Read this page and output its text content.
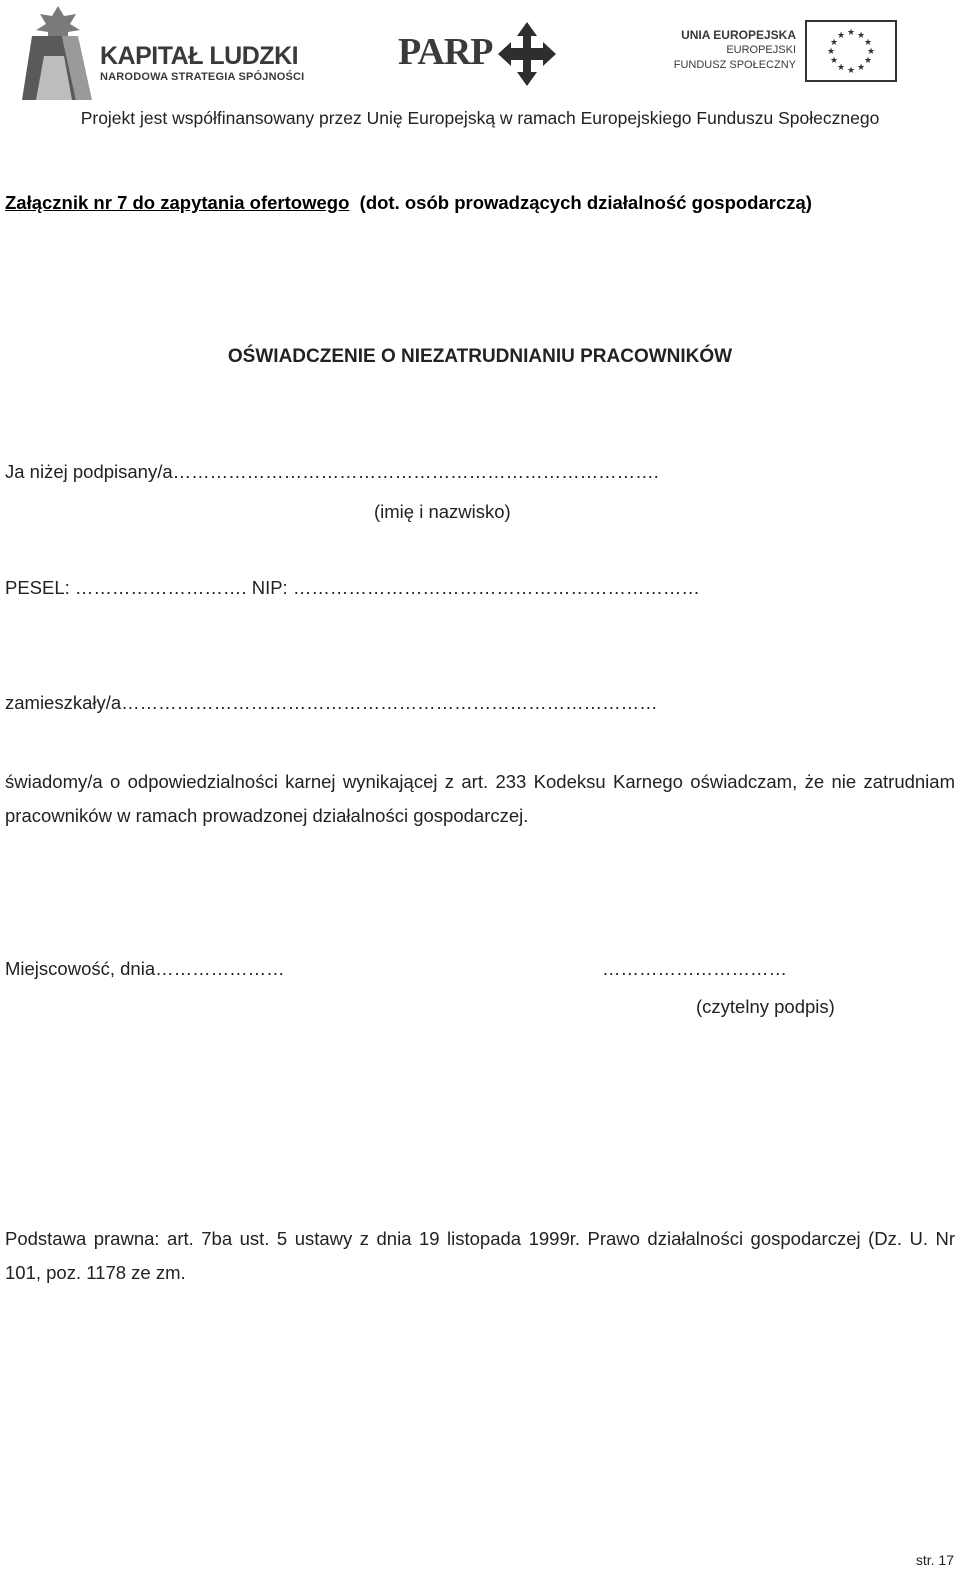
KAPITAŁ LUDZKI
NARODOWA STRATEGIA SPÓJNOŚCI
PARP	UNIA EUROPEJSKA
EUROPEJSKI
FUNDUSZ SPOŁECZNY
★ ★
★
★
★
★
★
★
★
★
★
★
Projekt jest współfinansowany przez Unię Europejską w ramach Europejskiego Funduszu Społecznego
Załącznik nr 7 do zapytania ofertowego (dot. osób prowadzących działalność gospodarczą)
OŚWIADCZENIE O NIEZATRUDNIANIU PRACOWNIKÓW
Ja niżej podpisany/a…………………………………………………………………….
(imię i nazwisko)
PESEL: ………………………. NIP: …………………………………………………………
zamieszkały/a……………………………………………………………………………
świadomy/a o odpowiedzialności karnej wynikającej z art. 233 Kodeksu Karnego oświadczam, że nie zatrudniam pracowników w ramach prowadzonej działalności gospodarczej.
Miejscowość, dnia…………………	…………………………
(czytelny podpis)
Podstawa prawna: art. 7ba ust. 5 ustawy z dnia 19 listopada 1999r. Prawo działalności gospodarczej (Dz. U. Nr 101, poz. 1178 ze zm.
str. 17
